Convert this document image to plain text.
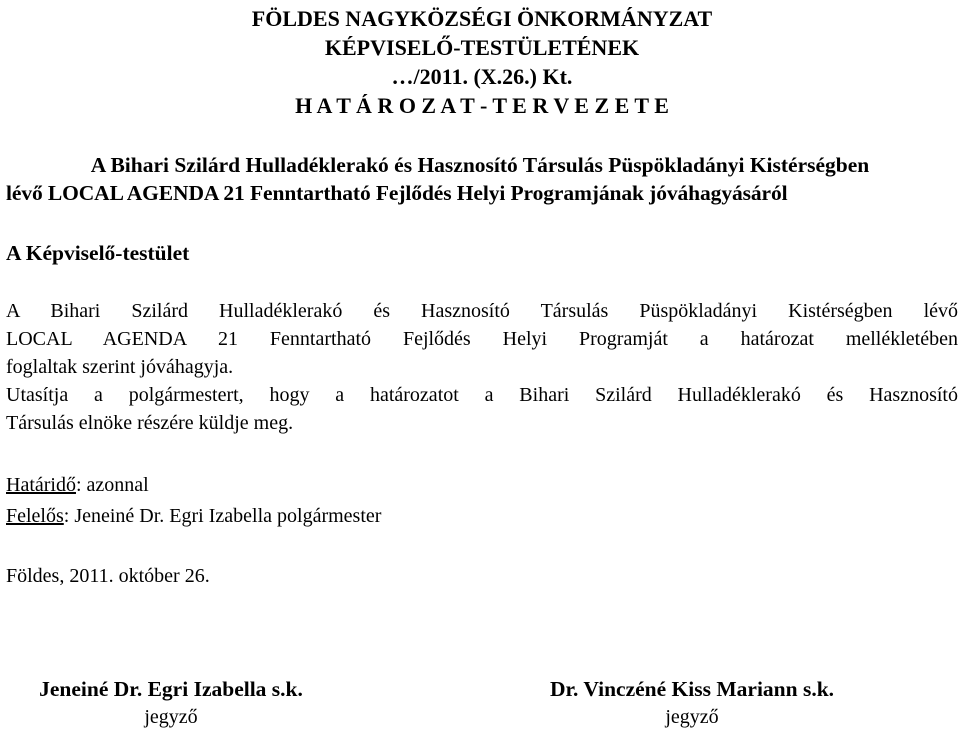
FÖLDES NAGYKÖZSÉGI ÖNKORMÁNYZAT
KÉPVISELŐ-TESTÜLETÉNEK
…/2011. (X.26.) Kt.
H A T Á R O Z A T - T E R V E Z E T E
A Bihari Szilárd Hulladéklerakó és Hasznosító Társulás Püspökladányi Kistérségben
lévő LOCAL AGENDA 21 Fenntartható Fejlődés Helyi Programjának jóváhagyásáról
A Képviselő-testület
A Bihari Szilárd Hulladéklerakó és Hasznosító Társulás Püspökladányi Kistérségben lévő
LOCAL AGENDA 21 Fenntartható Fejlődés Helyi Programját a határozat mellékletében
foglaltak szerint jóváhagyja.
Utasítja a polgármestert, hogy a határozatot a Bihari Szilárd Hulladéklerakó és Hasznosító
Társulás elnöke részére küldje meg.
Határidő: azonnal
Felelős: Jeneiné Dr. Egri Izabella polgármester
Földes, 2011. október 26.
Jeneiné Dr. Egri Izabella s.k.
jegyző
Dr. Vinczéné Kiss Mariann s.k.
jegyző
